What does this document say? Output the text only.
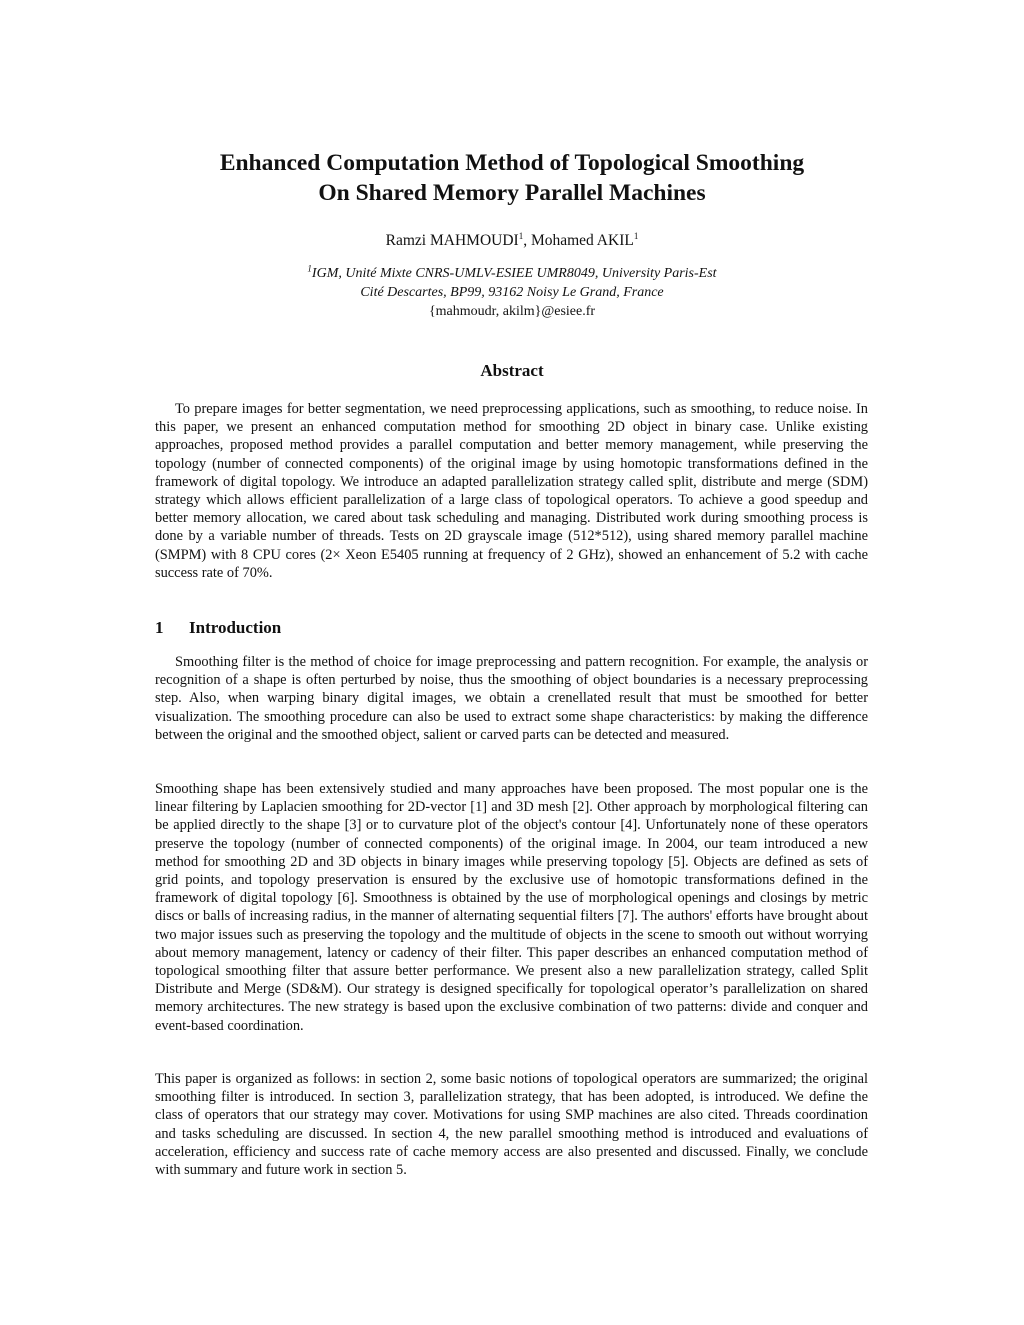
Enhanced Computation Method of Topological Smoothing
On Shared Memory Parallel Machines
Ramzi MAHMOUDI$^1$, Mohamed AKIL$^1$
$^1$IGM, Unité Mixte CNRS-UMLV-ESIEE UMR8049, University Paris-Est
Cité Descartes, BP99, 93162 Noisy Le Grand, France
{mahmoudr, akilm}@esiee.fr
Abstract

To prepare images for better segmentation, we need preprocessing applications, such as smoothing, to reduce noise. In this paper, we present an enhanced computation method for smoothing 2D object in binary case. Unlike existing approaches, proposed method provides a parallel computation and better memory management, while preserving the topology (number of connected components) of the original image by using homotopic transformations defined in the framework of digital topology. We introduce an adapted parallelization strategy called split, distribute and merge (SDM) strategy which allows efficient parallelization of a large class of topological operators. To achieve a good speedup and better memory allocation, we cared about task scheduling and managing. Distributed work during smoothing process is done by a variable number of threads. Tests on 2D grayscale image (512*512), using shared memory parallel machine (SMPM) with 8 CPU cores (2× Xeon E5405 running at frequency of 2 GHz), showed an enhancement of 5.2 with cache success rate of 70%.

1 Introduction

Smoothing filter is the method of choice for image preprocessing and pattern recognition. For example, the analysis or recognition of a shape is often perturbed by noise, thus the smoothing of object boundaries is a necessary preprocessing step. Also, when warping binary digital images, we obtain a crenellated result that must be smoothed for better visualization. The smoothing procedure can also be used to extract some shape characteristics: by making the difference between the original and the smoothed object, salient or carved parts can be detected and measured.

Smoothing shape has been extensively studied and many approaches have been proposed. The most popular one is the linear filtering by Laplacien smoothing for 2D-vector [1] and 3D mesh [2]. Other approach by morphological filtering can be applied directly to the shape [3] or to curvature plot of the object's contour [4]. Unfortunately none of these operators preserve the topology (number of connected components) of the original image. In 2004, our team introduced a new method for smoothing 2D and 3D objects in binary images while preserving topology [5]. Objects are defined as sets of grid points, and topology preservation is ensured by the exclusive use of homotopic transformations defined in the framework of digital topology [6]. Smoothness is obtained by the use of morphological openings and closings by metric discs or balls of increasing radius, in the manner of alternating sequential filters [7]. The authors' efforts have brought about two major issues such as preserving the topology and the multitude of objects in the scene to smooth out without worrying about memory management, latency or cadency of their filter. This paper describes an enhanced computation method of topological smoothing filter that assure better performance. We present also a new parallelization strategy, called Split Distribute and Merge (SD&M). Our strategy is designed specifically for topological operator’s parallelization on shared memory architectures. The new strategy is based upon the exclusive combination of two patterns: divide and conquer and event-based coordination.

This paper is organized as follows: in section 2, some basic notions of topological operators are summarized; the original smoothing filter is introduced. In section 3, parallelization strategy, that has been adopted, is introduced. We define the class of operators that our strategy may cover. Motivations for using SMP machines are also cited. Threads coordination and tasks scheduling are discussed. In section 4, the new parallel smoothing method is introduced and evaluations of acceleration, efficiency and success rate of cache memory access are also presented and discussed. Finally, we conclude with summary and future work in section 5.
